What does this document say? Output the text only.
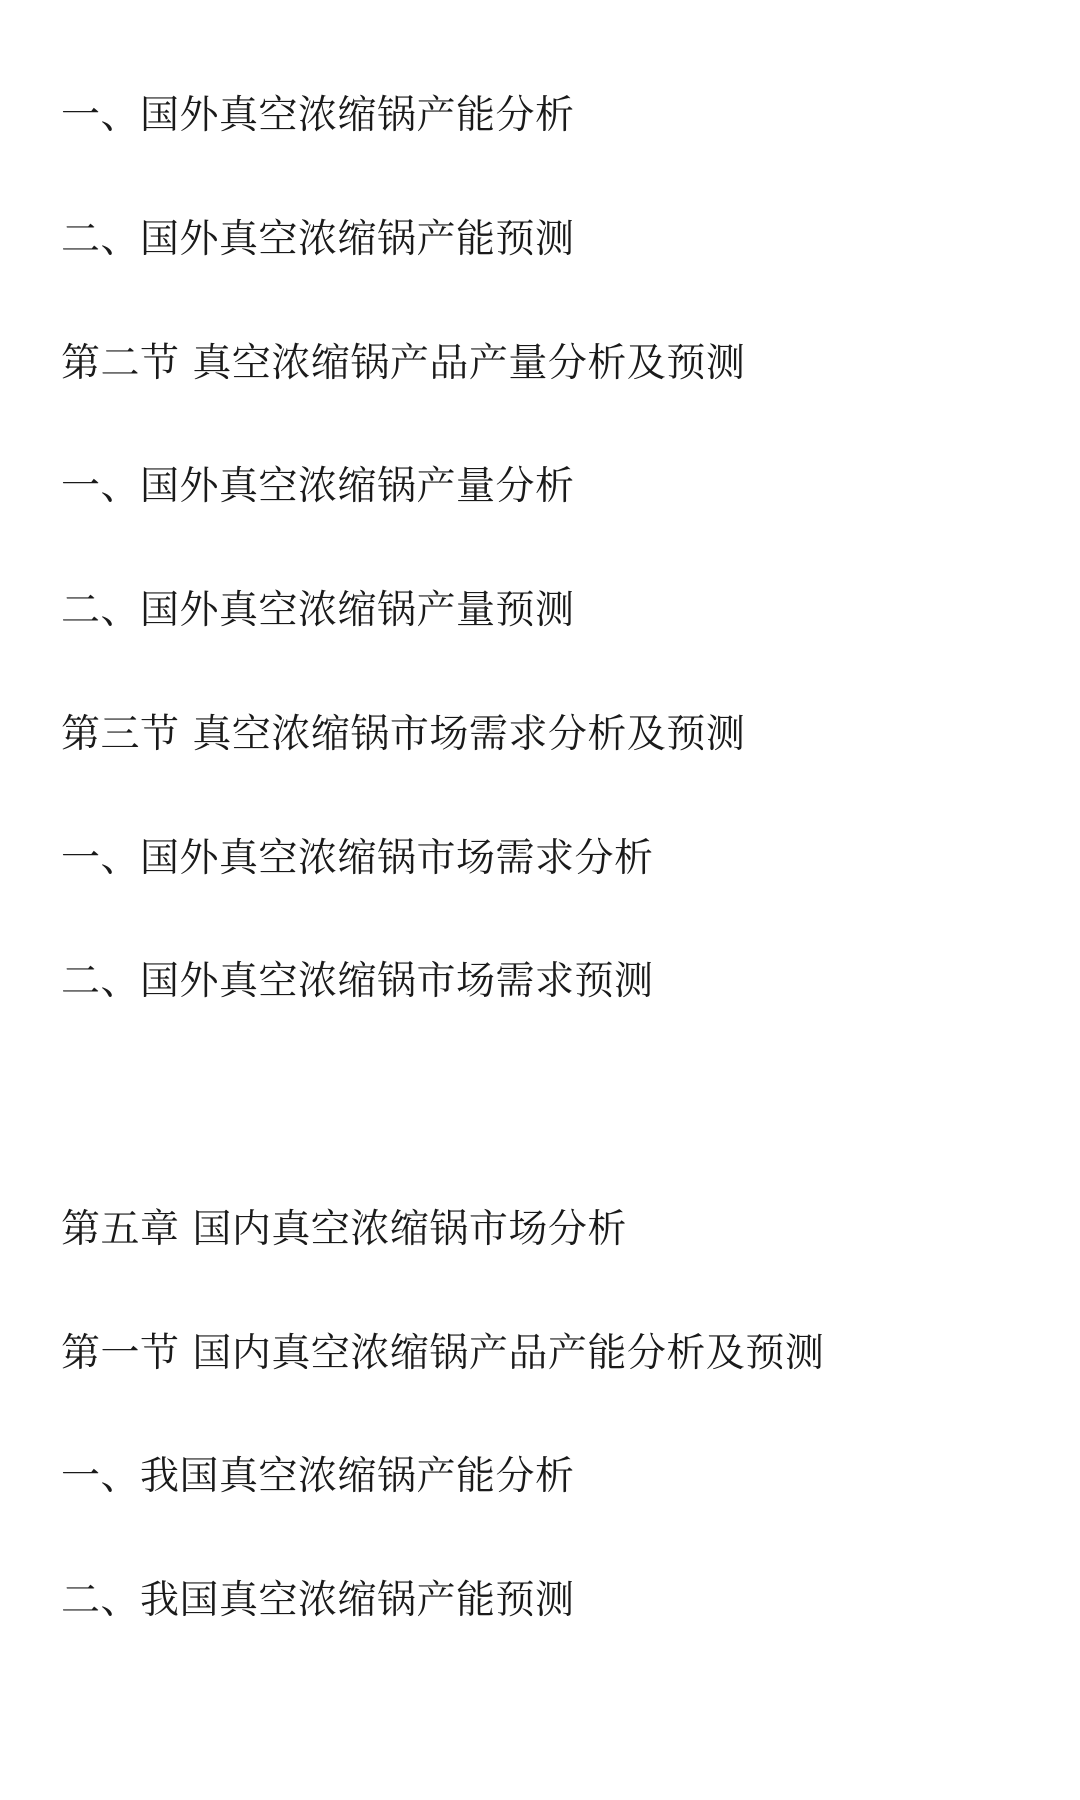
一、国外真空浓缩锅产能分析
二、国外真空浓缩锅产能预测
第二节 真空浓缩锅产品产量分析及预测
一、国外真空浓缩锅产量分析
二、国外真空浓缩锅产量预测
第三节 真空浓缩锅市场需求分析及预测
一、国外真空浓缩锅市场需求分析
二、国外真空浓缩锅市场需求预测
第五章 国内真空浓缩锅市场分析
第一节 国内真空浓缩锅产品产能分析及预测
一、我国真空浓缩锅产能分析
二、我国真空浓缩锅产能预测
